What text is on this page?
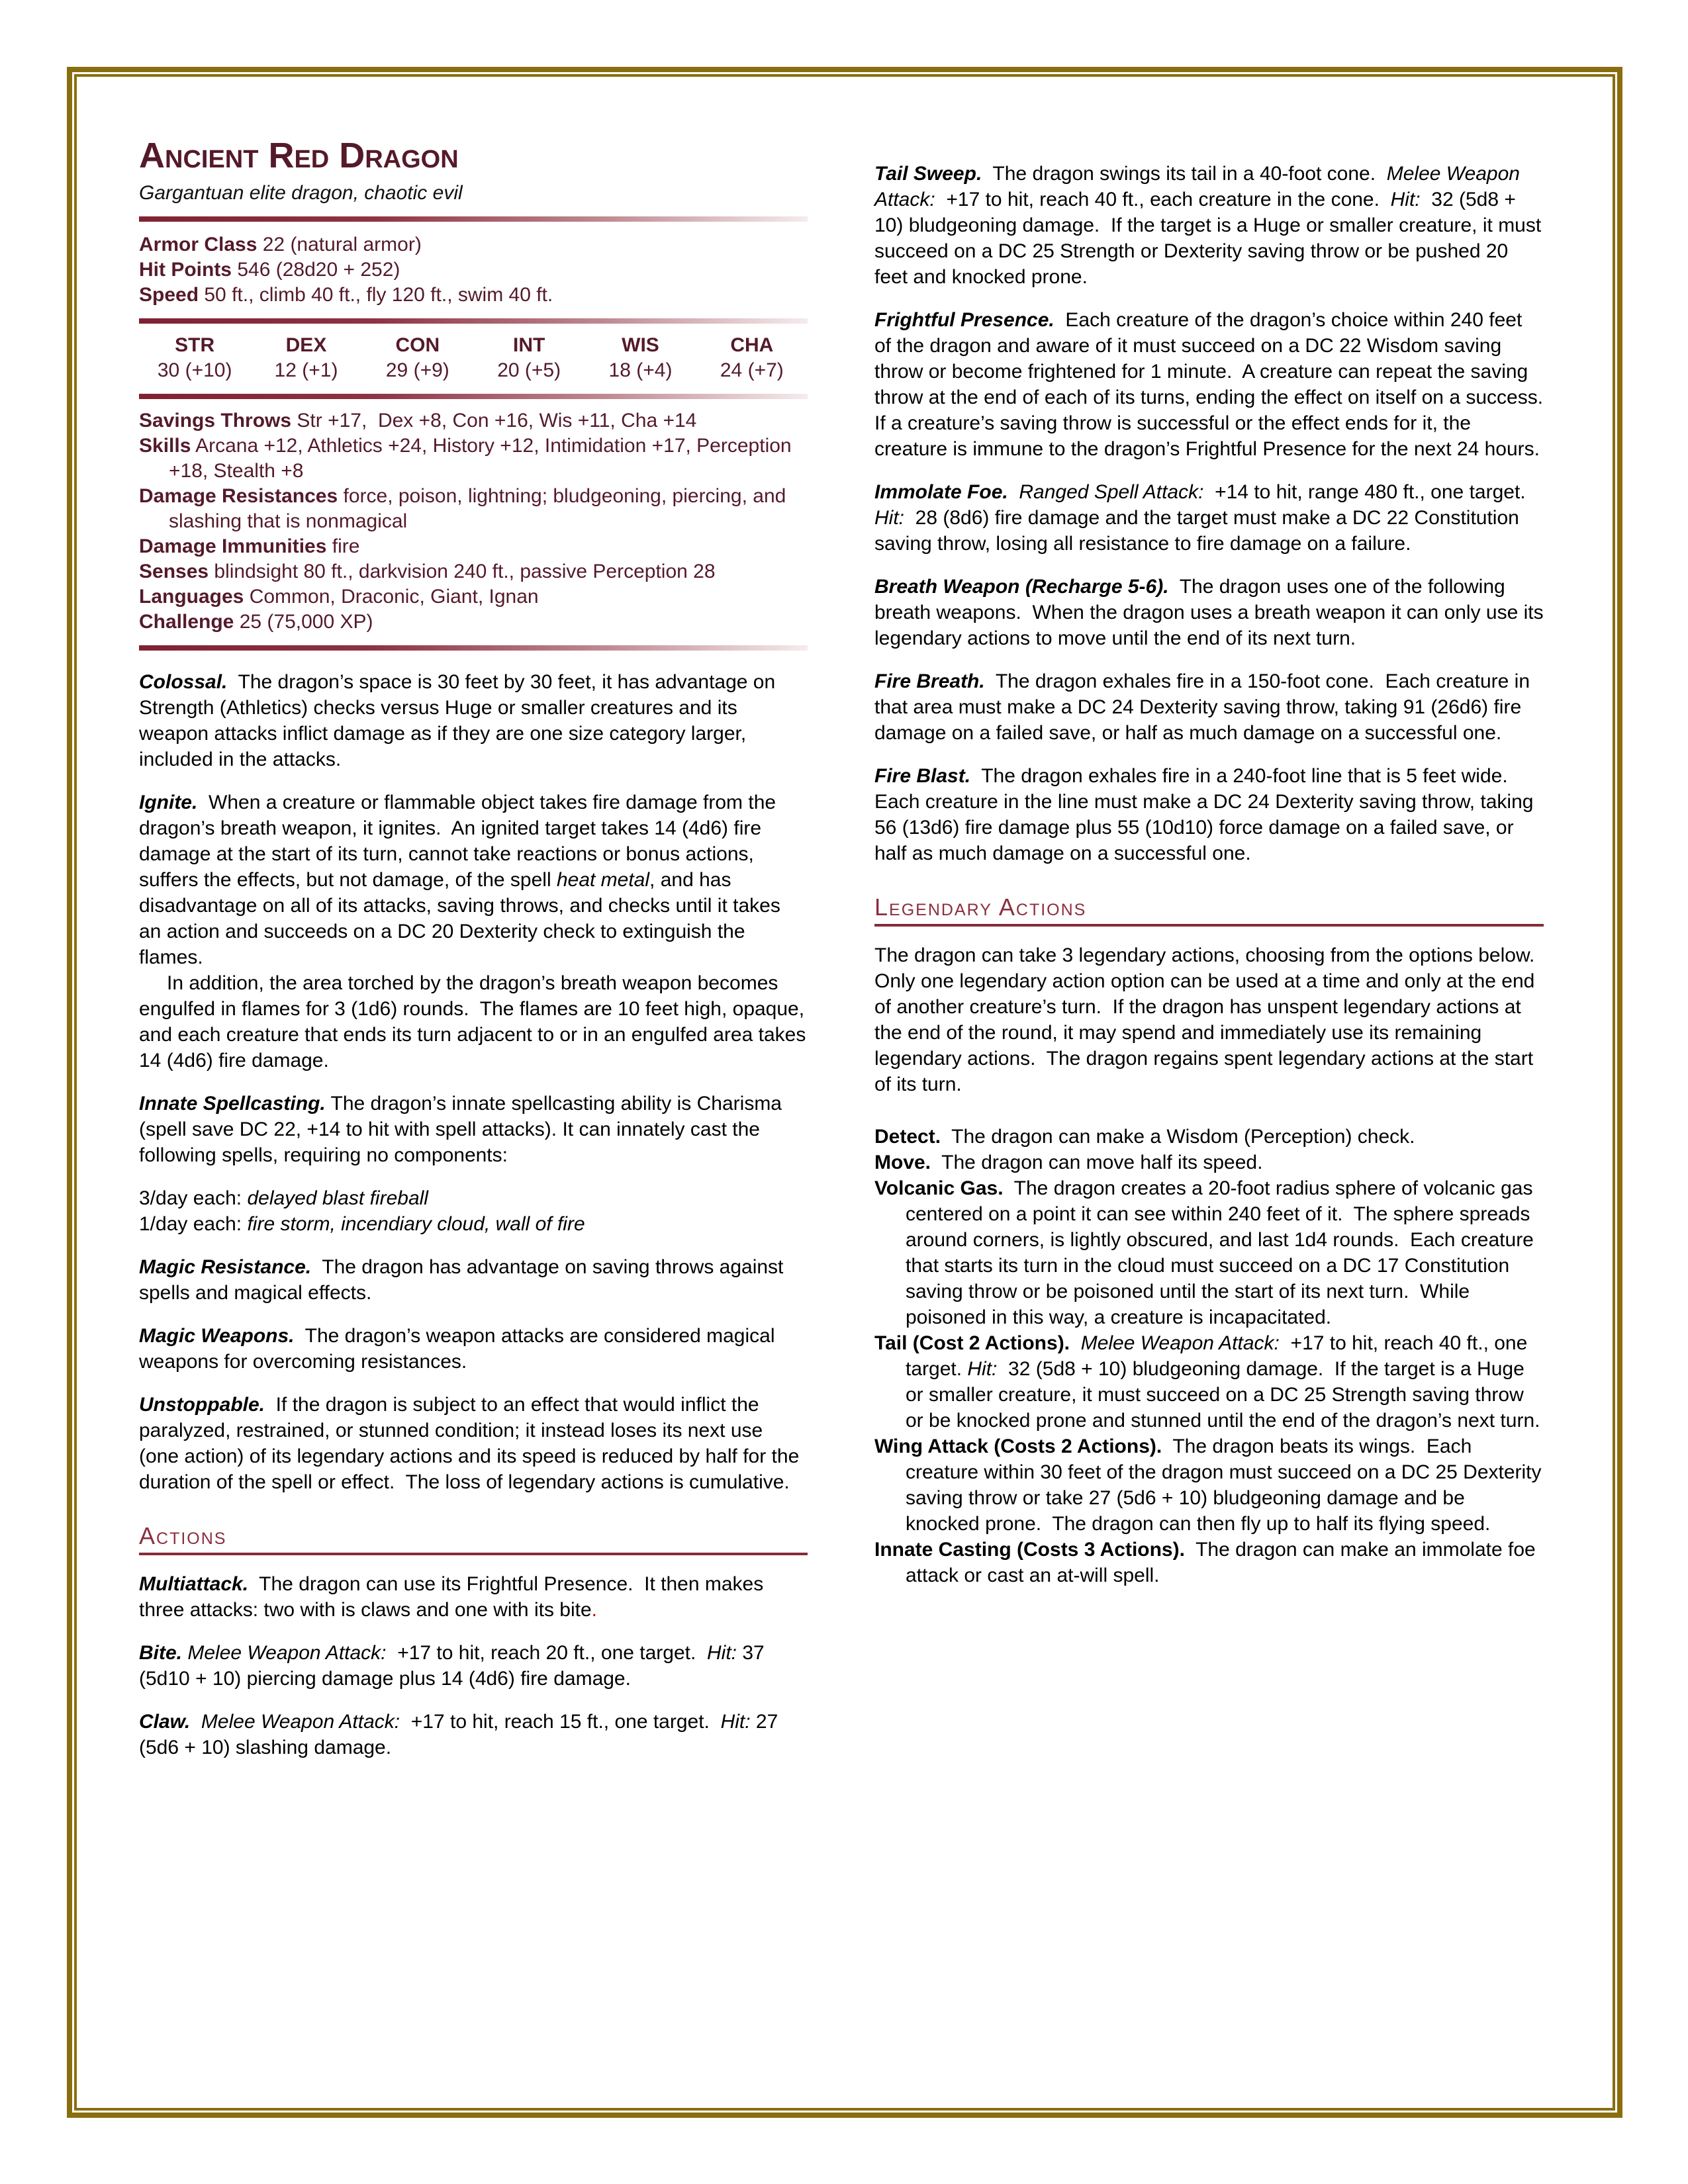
Ancient Red Dragon

Gargantuan elite dragon, chaotic evil

Armor Class 22 (natural armor)

Hit Points 546 (28d20 + 252)

Speed 50 ft., climb 40 ft., fly 120 ft., swim 40 ft.

STR
30 (+10)
DEX
12 (+1)
CON
29 (+9)
INT
20 (+5)
WIS
18 (+4)
CHA
24 (+7)

Savings Throws Str +17,  Dex +8, Con +16, Wis +11, Cha +14

Skills Arcana +12, Athletics +24, History +12, Intimidation +17, Perception +18, Stealth +8

Damage Resistances force, poison, lightning; bludgeoning, piercing, and slashing that is nonmagical

Damage Immunities fire

Senses blindsight 80 ft., darkvision 240 ft., passive Perception 28

Languages Common, Draconic, Giant, Ignan

Challenge 25 (75,000 XP)

Colossal.  The dragon’s space is 30 feet by 30 feet, it has advantage on Strength (Athletics) checks versus Huge or smaller creatures and its weapon attacks inflict damage as if they are one size category larger, included in the attacks.

Ignite.  When a creature or flammable object takes fire damage from the dragon’s breath weapon, it ignites.  An ignited target takes 14 (4d6) fire damage at the start of its turn, cannot take reactions or bonus actions, suffers the effects, but not damage, of the spell heat metal, and has disadvantage on all of its attacks, saving throws, and checks until it takes an action and succeeds on a DC 20 Dexterity check to extinguish the flames.

In addition, the area torched by the dragon’s breath weapon becomes engulfed in flames for 3 (1d6) rounds.  The flames are 10 feet high, opaque, and each creature that ends its turn adjacent to or in an engulfed area takes 14 (4d6) fire damage.

Innate Spellcasting. The dragon’s innate spellcasting ability is Charisma (spell save DC 22, +14 to hit with spell attacks). It can innately cast the following spells, requiring no components:

3/day each: delayed blast fireball

1/day each: fire storm, incendiary cloud, wall of fire

Magic Resistance.  The dragon has advantage on saving throws against spells and magical effects.

Magic Weapons.  The dragon’s weapon attacks are considered magical weapons for overcoming resistances.

Unstoppable.  If the dragon is subject to an effect that would inflict the paralyzed, restrained, or stunned condition; it instead loses its next use (one action) of its legendary actions and its speed is reduced by half for the duration of the spell or effect.  The loss of legendary actions is cumulative.

Actions

Multiattack.  The dragon can use its Frightful Presence.  It then makes three attacks: two with is claws and one with its bite.

Bite. Melee Weapon Attack:  +17 to hit, reach 20 ft., one target.  Hit: 37 (5d10 + 10) piercing damage plus 14 (4d6) fire damage.

Claw. Melee Weapon Attack:  +17 to hit, reach 15 ft., one target.  Hit: 27 (5d6 + 10) slashing damage.

Tail Sweep.  The dragon swings its tail in a 40-foot cone.  Melee Weapon Attack:  +17 to hit, reach 40 ft., each creature in the cone.  Hit:  32 (5d8 + 10) bludgeoning damage.  If the target is a Huge or smaller creature, it must succeed on a DC 25 Strength or Dexterity saving throw or be pushed 20 feet and knocked prone.

Frightful Presence.  Each creature of the dragon’s choice within 240 feet of the dragon and aware of it must succeed on a DC 22 Wisdom saving throw or become frightened for 1 minute.  A creature can repeat the saving throw at the end of each of its turns, ending the effect on itself on a success.  If a creature’s saving throw is successful or the effect ends for it, the creature is immune to the dragon’s Frightful Presence for the next 24 hours.

Immolate Foe. Ranged Spell Attack:  +14 to hit, range 480 ft., one target.  Hit:  28 (8d6) fire damage and the target must make a DC 22 Constitution saving throw, losing all resistance to fire damage on a failure.

Breath Weapon (Recharge 5-6).  The dragon uses one of the following breath weapons.  When the dragon uses a breath weapon it can only use its legendary actions to move until the end of its next turn.

Fire Breath.  The dragon exhales fire in a 150-foot cone.  Each creature in that area must make a DC 24 Dexterity saving throw, taking 91 (26d6) fire damage on a failed save, or half as much damage on a successful one.

Fire Blast.  The dragon exhales fire in a 240-foot line that is 5 feet wide.  Each creature in the line must make a DC 24 Dexterity saving throw, taking  56 (13d6) fire damage plus 55 (10d10) force damage on a failed save, or half as much damage on a successful one.

Legendary Actions

The dragon can take 3 legendary actions, choosing from the options below.  Only one legendary action option can be used at a time and only at the end of another creature’s turn.  If the dragon has unspent legendary actions at the end of the round, it may spend and immediately use its remaining legendary actions.  The dragon regains spent legendary actions at the start of its turn.

Detect.  The dragon can make a Wisdom (Perception) check.

Move.  The dragon can move half its speed.

Volcanic Gas.  The dragon creates a 20-foot radius sphere of volcanic gas centered on a point it can see within 240 feet of it.  The sphere spreads around corners, is lightly obscured, and last 1d4 rounds.  Each creature that starts its turn in the cloud must succeed on a DC 17 Constitution saving throw or be poisoned until the start of its next turn.  While poisoned in this way, a creature is incapacitated.

Tail (Cost 2 Actions). Melee Weapon Attack:  +17 to hit, reach 40 ft., one target. Hit:  32 (5d8 + 10) bludgeoning damage.  If the target is a Huge or smaller creature, it must succeed on a DC 25 Strength saving throw or be knocked prone and stunned until the end of the dragon’s next turn.

Wing Attack (Costs 2 Actions).  The dragon beats its wings.  Each creature within 30 feet of the dragon must succeed on a DC 25 Dexterity saving throw or take 27 (5d6 + 10) bludgeoning damage and be knocked prone.  The dragon can then fly up to half its flying speed.

Innate Casting (Costs 3 Actions).  The dragon can make an immolate foe attack or cast an at-will spell.
